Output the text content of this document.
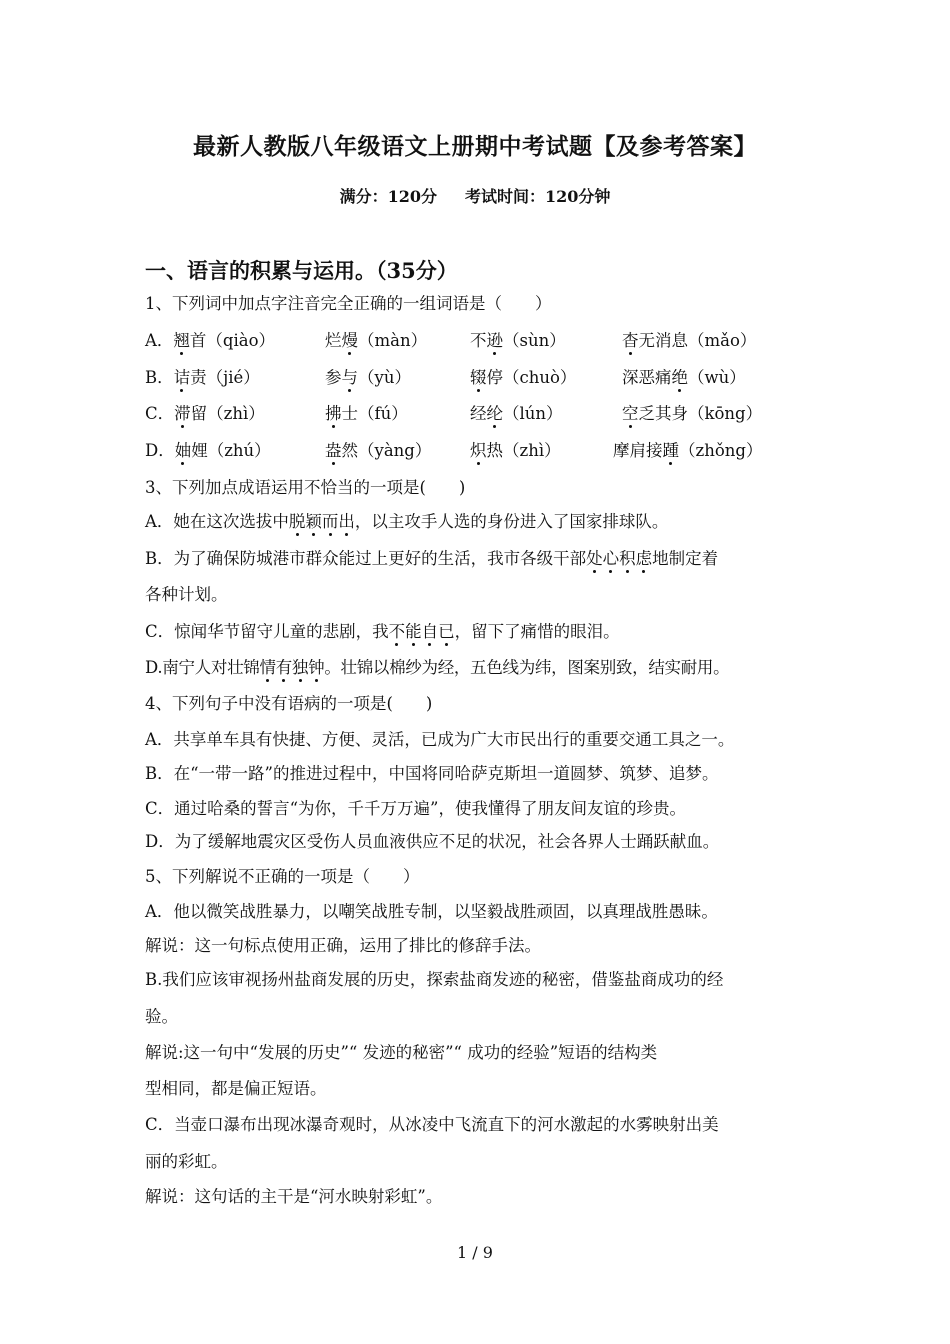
最新人教版八年级语文上册期中考试题【及参考答案】
满分：120分 考试时间：120分钟
一、语言的积累与运用。（35分）
1、下列词中加点字注音完全正确的一组词语是（　　）
A．翘首（qiào）	烂熳（màn）	不逊（sùn）	杳无消息（mǎo）
B．诘责（jié）	参与（yù）	辍停（chuò）	深恶痛绝（wù）
C．滞留（zhì）	拂士（fú）	经纶（lún）	空乏其身（kōng）
D．妯娌（zhú）	盎然（yàng） 炽热（zhì）	摩肩接踵（zhǒng）
3、下列加点成语运用不恰当的一项是(　　)
A．她在这次选拔中脱颖而出，以主攻手人选的身份进入了国家排球队。
B．为了确保防城港市群众能过上更好的生活，我市各级干部处心积虑地制定着
各种计划。
C．惊闻华节留守儿童的悲剧，我不能自已，留下了痛惜的眼泪。
D.南宁人对壮锦情有独钟。壮锦以棉纱为经，五色线为纬，图案别致，结实耐用。
4、下列句子中没有语病的一项是(　　)
A．共享单车具有快捷、方便、灵活，已成为广大市民出行的重要交通工具之一。
B．在“一带一路”的推进过程中，中国将同哈萨克斯坦一道圆梦、筑梦、追梦。
C．通过哈桑的誓言“为你，千千万万遍”，使我懂得了朋友间友谊的珍贵。
D．为了缓解地震灾区受伤人员血液供应不足的状况，社会各界人士踊跃献血。
5、下列解说不正确的一项是（　　）
A．他以微笑战胜暴力，以嘲笑战胜专制，以坚毅战胜顽固，以真理战胜愚昧。
解说：这一句标点使用正确，运用了排比的修辞手法。
B.我们应该审视扬州盐商发展的历史，探索盐商发迹的秘密，借鉴盐商成功的经
验。
解说:这一句中“发展的历史”“ 发迹的秘密”“ 成功的经验”短语的结构类
型相同，都是偏正短语。
C．当壶口瀑布出现冰瀑奇观时，从冰凌中飞流直下的河水激起的水雾映射出美
丽的彩虹。
解说：这句话的主干是“河水映射彩虹”。
1 / 9
